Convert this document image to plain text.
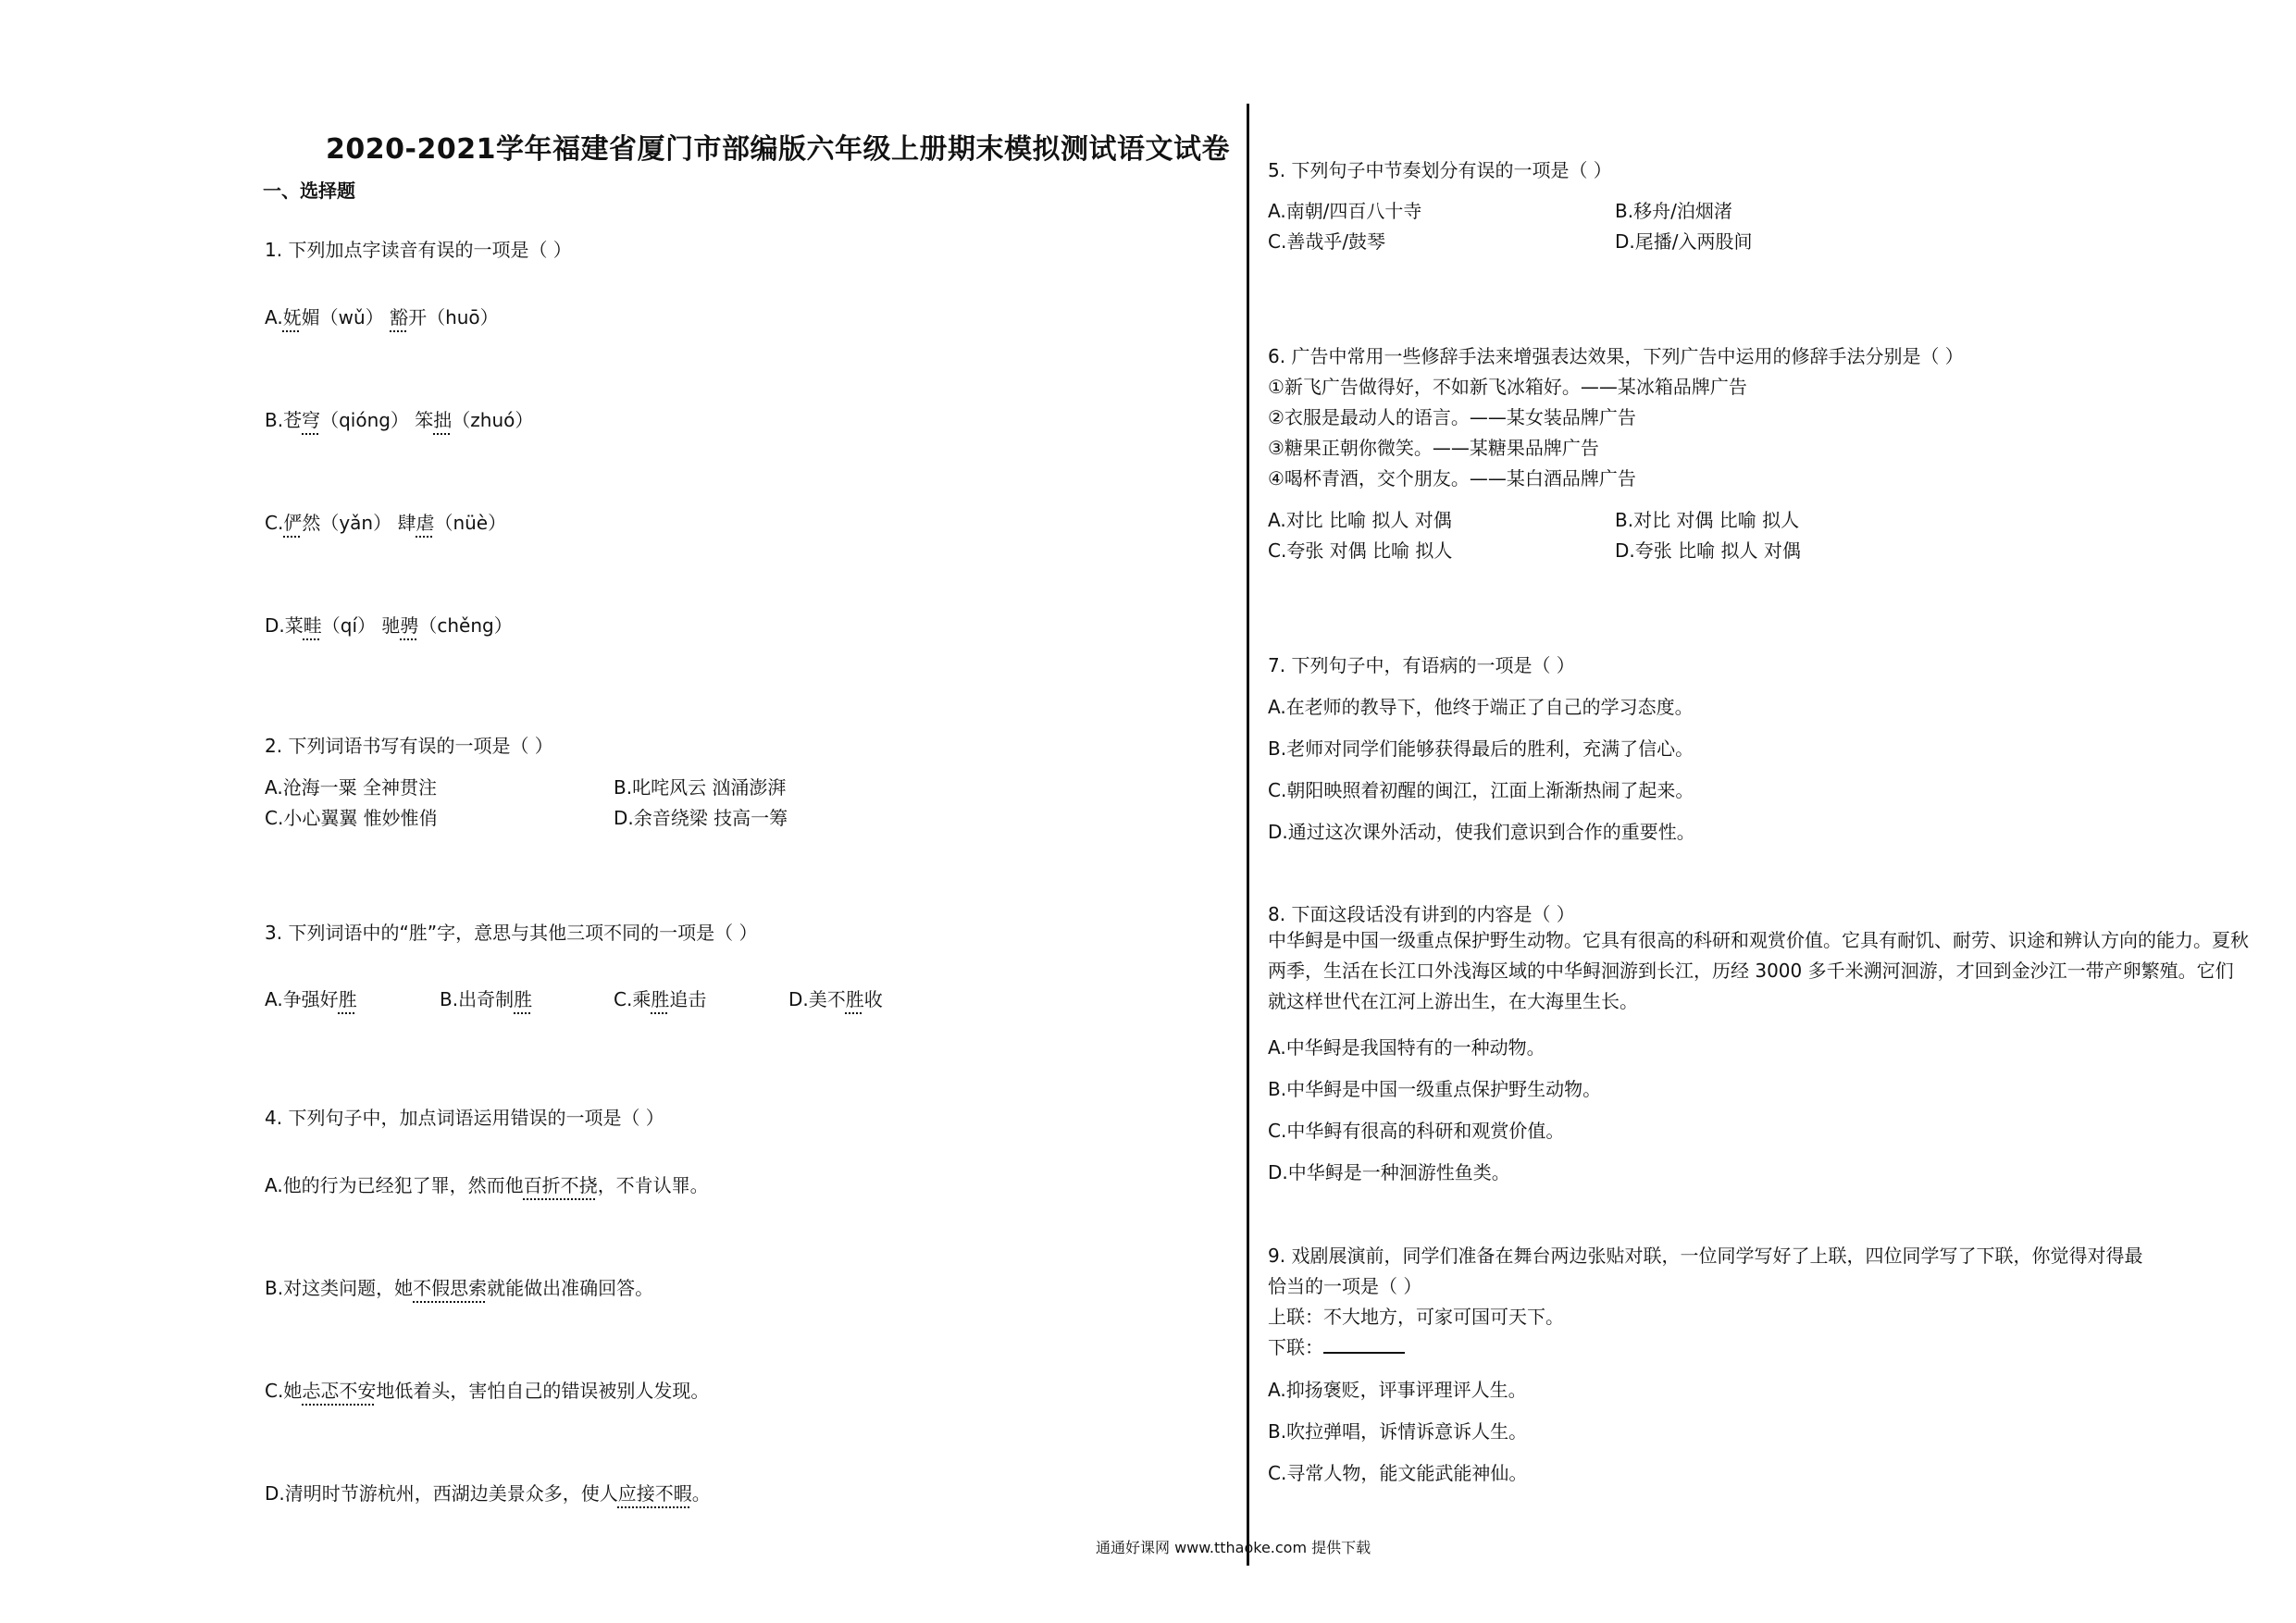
2020-2021学年福建省厦门市部编版六年级上册期末模拟测试语文试卷
一、选择题
1. 下列加点字读音有误的一项是（ ）
A.妩媚（wǔ） 豁开（huō）
B.苍穹（qióng） 笨拙（zhuó）
C.俨然（yǎn） 肆虐（nüè）
D.菜畦（qí） 驰骋（chěng）
2. 下列词语书写有误的一项是（ ）
A.沧海一粟 全神贯注	B.叱咤风云 汹涌澎湃
C.小心翼翼 惟妙惟俏	D.余音绕梁 技高一筹
3. 下列词语中的“胜”字，意思与其他三项不同的一项是（ ）
A.争强好胜	B.出奇制胜	C.乘胜追击	D.美不胜收
4. 下列句子中，加点词语运用错误的一项是（ ）
A.他的行为已经犯了罪，然而他百折不挠，不肯认罪。
B.对这类问题，她不假思索就能做出准确回答。
C.她忐忑不安地低着头，害怕自己的错误被别人发现。
D.清明时节游杭州，西湖边美景众多，使人应接不暇。
5. 下列句子中节奏划分有误的一项是（ ）
A.南朝/四百八十寺	B.移舟/泊烟渚
C.善哉乎/鼓琴	D.尾播/入两股间
6. 广告中常用一些修辞手法来增强表达效果，下列广告中运用的修辞手法分别是（ ）
①新飞广告做得好，不如新飞冰箱好。——某冰箱品牌广告
②衣服是最动人的语言。——某女装品牌广告
③糖果正朝你微笑。——某糖果品牌广告
④喝杯青酒，交个朋友。——某白酒品牌广告
A.对比 比喻 拟人 对偶	B.对比 对偶 比喻 拟人
C.夸张 对偶 比喻 拟人	D.夸张 比喻 拟人 对偶
7. 下列句子中，有语病的一项是（ ）
A.在老师的教导下，他终于端正了自己的学习态度。
B.老师对同学们能够获得最后的胜利，充满了信心。
C.朝阳映照着初醒的闽江，江面上渐渐热闹了起来。
D.通过这次课外活动，使我们意识到合作的重要性。
8. 下面这段话没有讲到的内容是（ ）
中华鲟是中国一级重点保护野生动物。它具有很高的科研和观赏价值。它具有耐饥、耐劳、识途和辨认方向的能力。夏秋两季，生活在长江口外浅海区域的中华鲟洄游到长江，历经 3000 多千米溯河洄游，才回到金沙江一带产卵繁殖。它们就这样世代在江河上游出生，在大海里生长。
A.中华鲟是我国特有的一种动物。
B.中华鲟是中国一级重点保护野生动物。
C.中华鲟有很高的科研和观赏价值。
D.中华鲟是一种洄游性鱼类。
9. 戏剧展演前，同学们准备在舞台两边张贴对联，一位同学写好了上联，四位同学写了下联，你觉得对得最
恰当的一项是（ ）
上联：不大地方，可家可国可天下。
下联：
A.抑扬褒贬，评事评理评人生。
B.吹拉弹唱，诉情诉意诉人生。
C.寻常人物，能文能武能神仙。
通通好课网 www.tthaoke.com 提供下载
